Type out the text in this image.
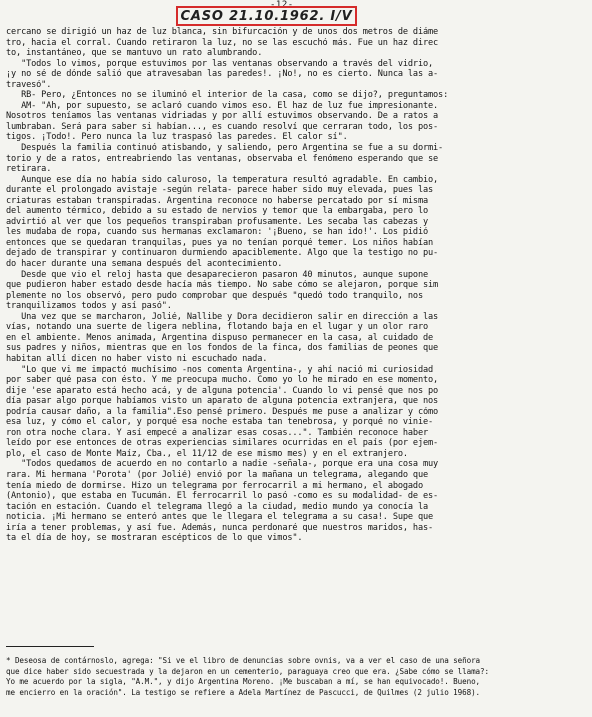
-12-
CASO 21.10.1962. I/V
cercano se dirigió un haz de luz blanca, sin bifurcación y de unos dos metros de diáme
tro, hacia el corral. Cuando retiraron la luz, no se las escuchó más. Fue un haz direc
to, instantáneo, que se mantuvo un rato alumbrando.
"Todos lo vimos, porque estuvimos por las ventanas observando a través del vidrio,
¡y no sé de dónde salió que atravesaban las paredes!. ¡No!, no es cierto. Nunca las a-
travesó".
RB- Pero, ¿Entonces no se iluminó el interior de la casa, como se dijo?, preguntamos:
AM- "Ah, por supuesto, se aclaró cuando vimos eso. El haz de luz fue impresionante.
Nosotros teníamos las ventanas vidriadas y por allí estuvimos observando. De a ratos a
lumbraban. Será para saber si habían..., es cuando resolví que cerraran todo, los pos-
tigos. ¡Todo!. Pero nunca la luz traspasó las paredes. El calor sí".
Después la familia continuó atisbando, y saliendo, pero Argentina se fue a su dormi-
torio y de a ratos, entreabriendo las ventanas, observaba el fenómeno esperando que se
retirara.
Aunque ese día no había sido caluroso, la temperatura resultó agradable. En cambio,
durante el prolongado avistaje -según relata- parece haber sido muy elevada, pues las
criaturas estaban transpiradas. Argentina reconoce no haberse percatado por sí misma
del aumento térmico, debido a su estado de nervios y temor que la embargaba, pero lo
advirtió al ver que los pequeños transpiraban profusamente. Les secaba las cabezas y
les mudaba de ropa, cuando sus hermanas exclamaron: '¡Bueno, se han ido!'. Los pidió
entonces que se quedaran tranquilas, pues ya no tenían porqué temer. Los niños habían
dejado de transpirar y continuaron durmiendo apaciblemente. Algo que la testigo no pu-
do hacer durante una semana después del acontecimiento.
Desde que vio el reloj hasta que desaparecieron pasaron 40 minutos, aunque supone
que pudieron haber estado desde hacía más tiempo. No sabe cómo se alejaron, porque sim
plemente no los observó, pero pudo comprobar que después "quedó todo tranquilo, nos
tranquilizamos todos y así pasó".
Una vez que se marcharon, Jolié, Nallibe y Dora decidieron salir en dirección a las
vías, notando una suerte de ligera neblina, flotando baja en el lugar y un olor raro
en el ambiente. Menos animada, Argentina dispuso permanecer en la casa, al cuidado de
sus padres y niños, mientras que en los fondos de la finca, dos familias de peones que
habitan allí dicen no haber visto ni escuchado nada.
"Lo que vi me impactó muchísimo -nos comenta Argentina-, y ahí nació mi curiosidad
por saber qué pasa con ésto. Y me preocupa mucho. Como yo lo he mirado en ese momento,
dije 'ese aparato está hecho acá, y de alguna potencia'. Cuando lo vi pensé que nos po
día pasar algo porque habíamos visto un aparato de alguna potencia extranjera, que nos
podría causar daño, a la familia".Eso pensé primero. Después me puse a analizar y cómo
esa luz, y cómo el calor, y porqué esa noche estaba tan tenebrosa, y porqué no vinie-
ron otra noche clara. Y así empecé a analizar esas cosas...". También reconoce haber
leído por ese entonces de otras experiencias similares ocurridas en el país (por ejem-
plo, el caso de Monte Maíz, Cba., el 11/12 de ese mismo mes) y en el extranjero.
"Todos quedamos de acuerdo en no contarlo a nadie -señala-, porque era una cosa muy
rara. Mi hermana 'Porota' (por Jolié) envió por la mañana un telegrama, alegando que
tenía miedo de dormirse. Hizo un telegrama por ferrocarril a mi hermano, el abogado
(Antonio), que estaba en Tucumán. El ferrocarril lo pasó -como es su modalidad- de es-
tación en estación. Cuando el telegrama llegó a la ciudad, medio mundo ya conocía la
noticia. ¡Mi hermano se enteró antes que le llegara el telegrama a su casa!. Supe que
iría a tener problemas, y así fue. Además, nunca perdonaré que nuestros maridos, has-
ta el día de hoy, se mostraran escépticos de lo que vimos".
* Deseosa de contárnoslo, agrega: "Si ve el libro de denuncias sobre ovnis, va a ver el caso de una señora
que dice haber sido secuestrada y la dejaron en un cementerio, paraguaya creo que era. ¿Sabe cómo se llama?:
Yo me acuerdo por la sigla, "A.M.", y dijo Argentina Moreno. ¡Me buscaban a mí, se han equivocado!. Bueno,
me encierro en la oración". La testigo se refiere a Adela Martínez de Pascucci, de Quilmes (2 julio 1968).
